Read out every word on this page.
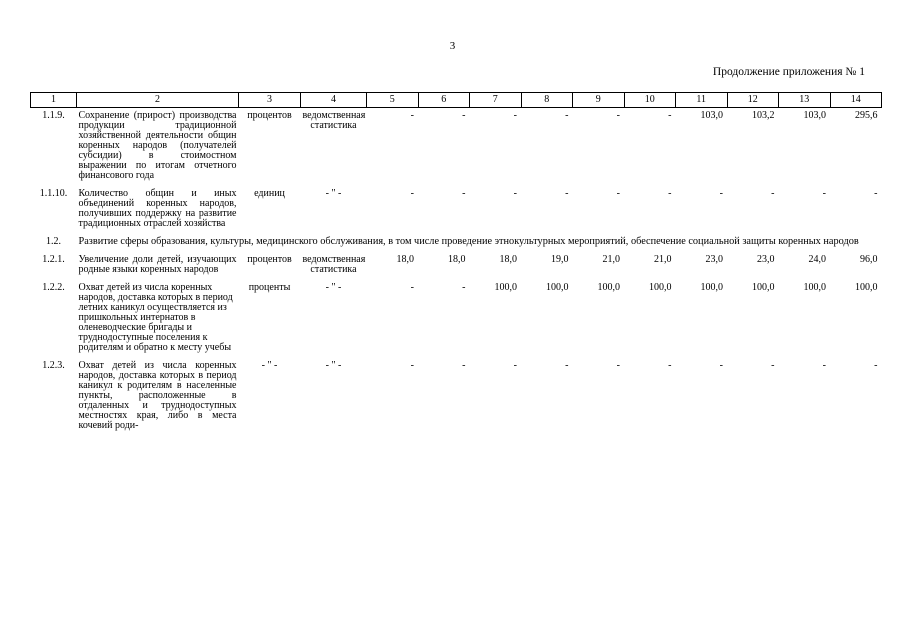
3
Продолжение приложения № 1
1	2	3	4	5	6	7	8	9	10	11	12	13	14
1.1.9.	Сохранение (прирост) производства продукции традиционной хозяйственной деятельности общин коренных народов (получателей субсидии) в стоимостном выражении по итогам отчетного финансового года	процентов	ведомственная статистика	-	-	-	-	-	-	103,0	103,2	103,0	295,6
1.1.10.	Количество общин и иных объединений коренных народов, получивших поддержку на развитие традиционных отраслей хозяйства	единиц	- " -	-	-	-	-	-	-	-	-	-	-
1.2.	Развитие сферы образования, культуры, медицинского обслуживания, в том числе проведение этнокультурных мероприятий, обеспечение социальной защиты коренных народов												
1.2.1.	Увеличение доли детей, изучающих родные языки коренных народов	процентов	ведомственная статистика	18,0	18,0	18,0	19,0	21,0	21,0	23,0	23,0	24,0	96,0
1.2.2.	Охват детей из числа коренных народов, доставка которых в период летних каникул осуществляется из пришкольных интернатов в оленеводческие бригады и труднодоступные поселения к родителям и обратно к месту учебы	проценты	- " -	-	-	100,0	100,0	100,0	100,0	100,0	100,0	100,0	100,0
1.2.3.	Охват детей из числа коренных народов, доставка которых в период каникул к родителям в населенные пункты, расположенные в отдаленных и труднодоступных местностях края, либо в места кочевий роди-	- " -	- " -	-	-	-	-	-	-	-	-	-	-
